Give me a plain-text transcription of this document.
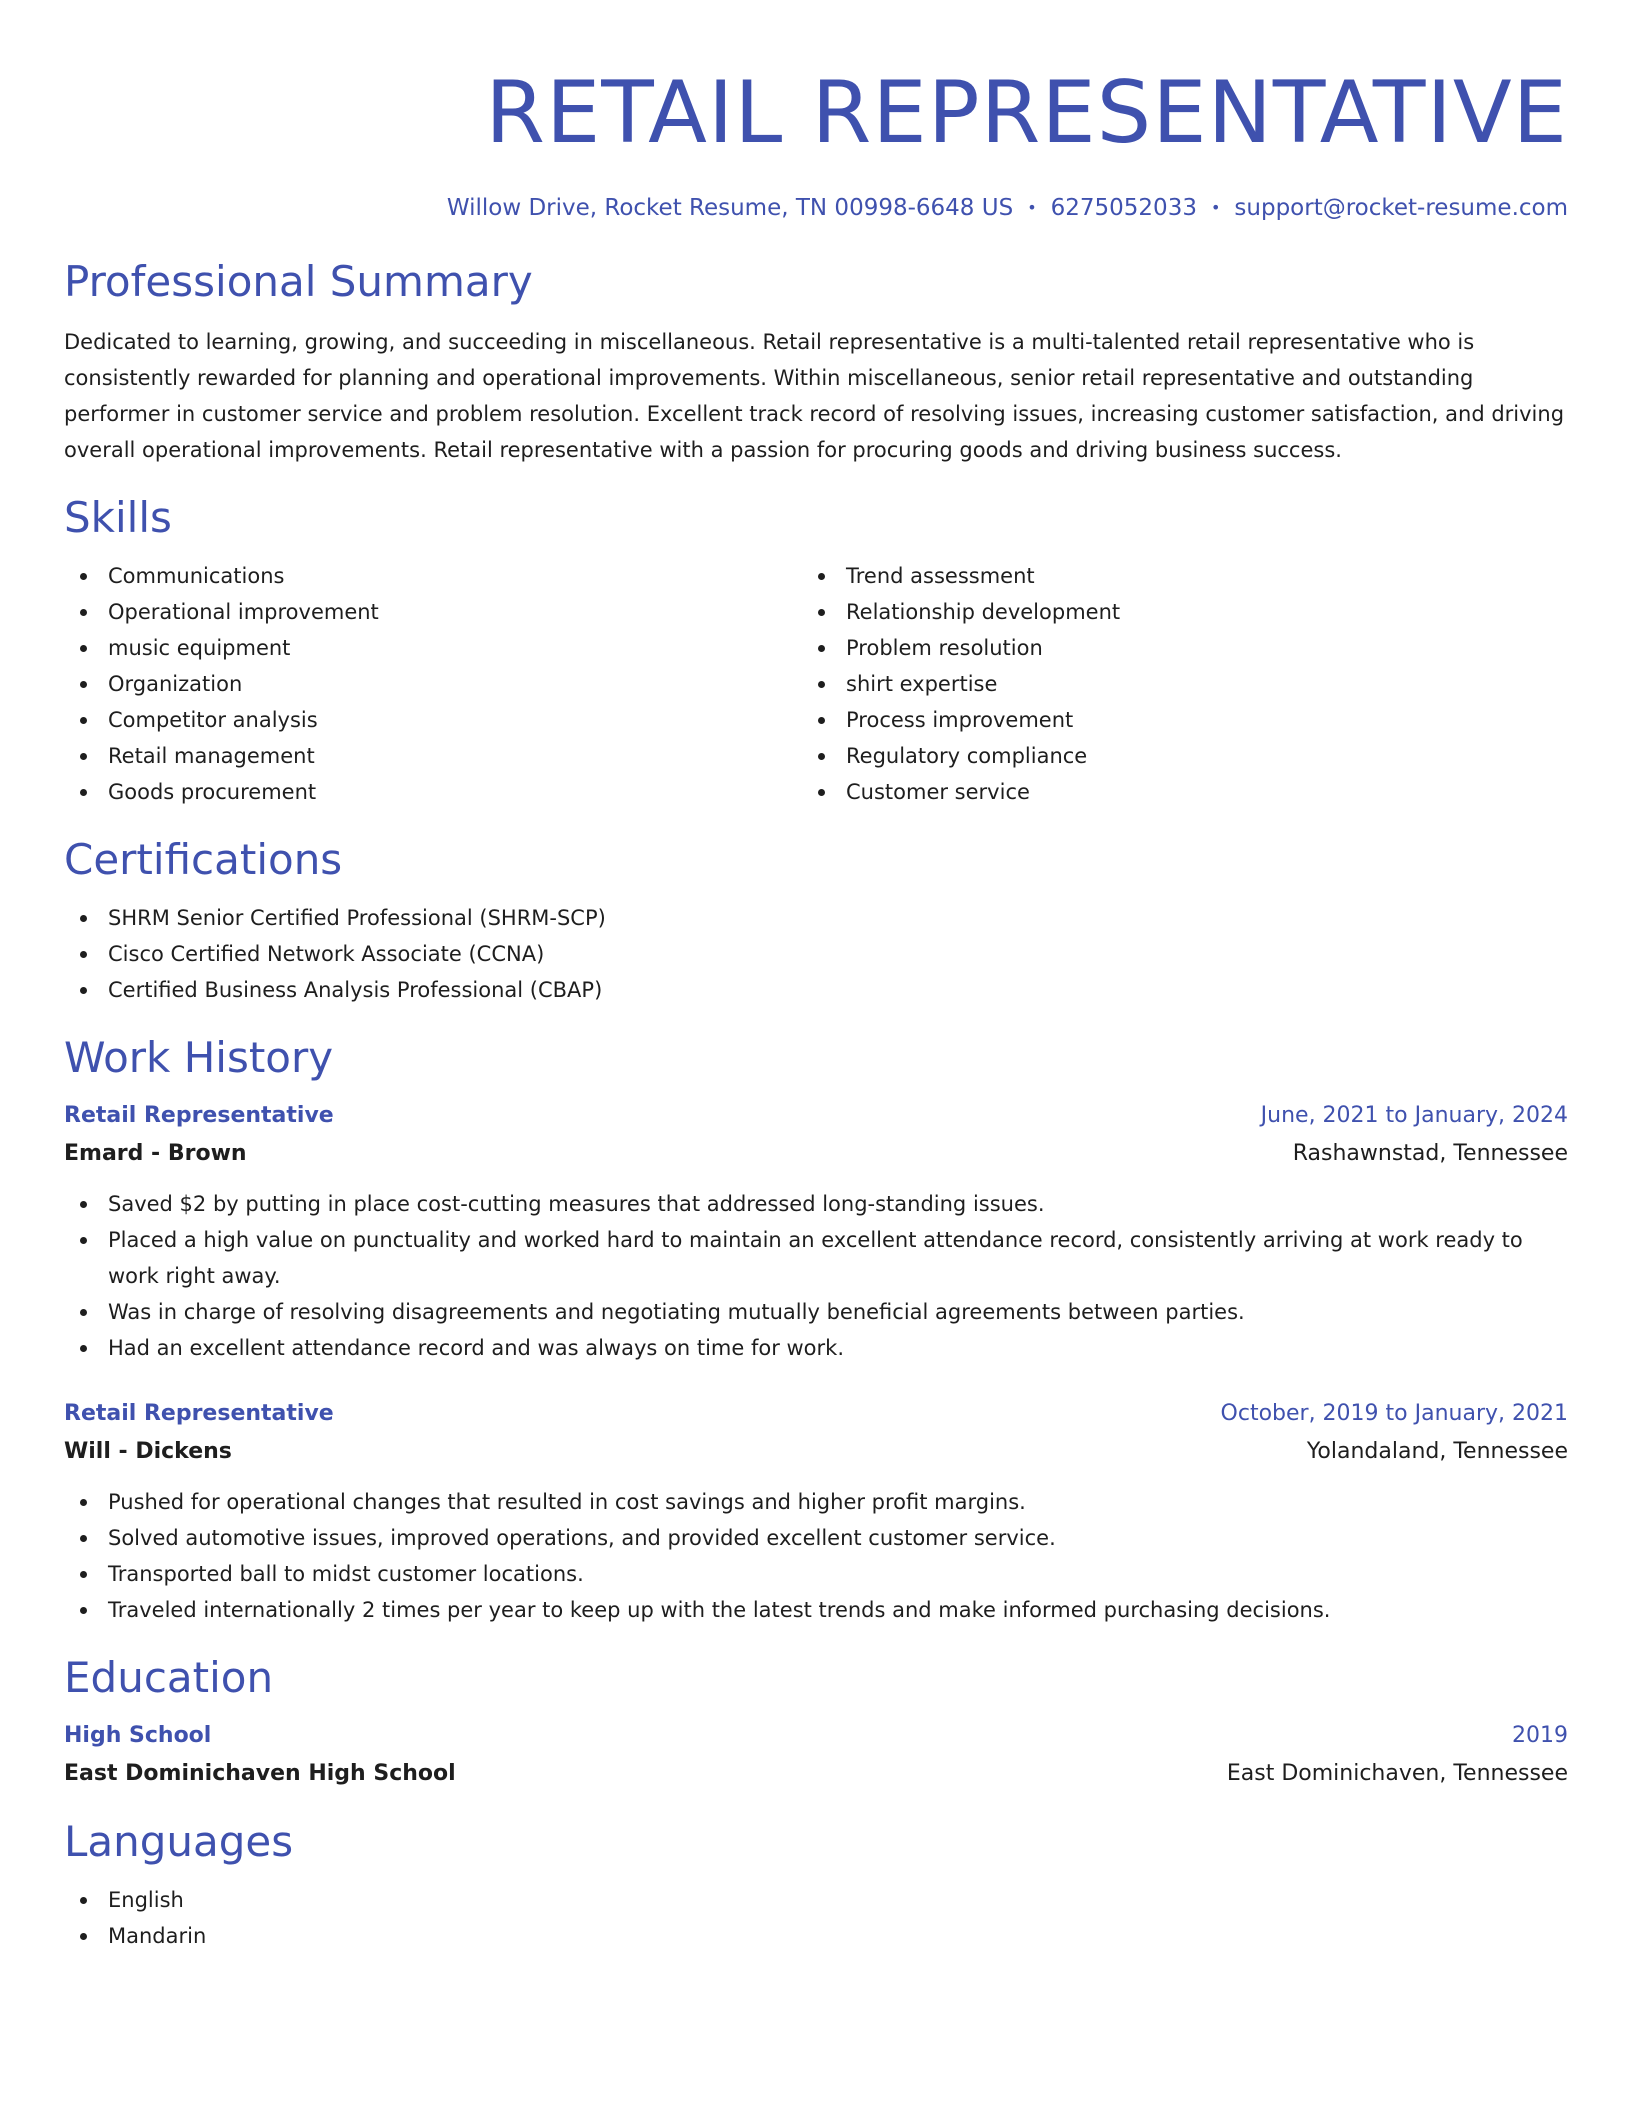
RETAIL REPRESENTATIVE
Willow Drive, Rocket Resume, TN 00998-6648 US • 6275052033 • support@rocket-resume.com
Professional Summary

Dedicated to learning, growing, and succeeding in miscellaneous. Retail representative is a multi-talented retail representative who is consistently rewarded for planning and operational improvements. Within miscellaneous, senior retail representative and outstanding performer in customer service and problem resolution. Excellent track record of resolving issues, increasing customer satisfaction, and driving overall operational improvements. Retail representative with a passion for procuring goods and driving business success.

Skills
Communications
Operational improvement
music equipment
Organization
Competitor analysis
Retail management
Goods procurement
Trend assessment
Relationship development
Problem resolution
shirt expertise
Process improvement
Regulatory compliance
Customer service
Certifications
SHRM Senior Certified Professional (SHRM-SCP)
Cisco Certified Network Associate (CCNA)
Certified Business Analysis Professional (CBAP)
Work History
Retail Representative	June, 2021 to January, 2024
Emard - Brown	Rashawnstad, Tennessee
Saved $2 by putting in place cost-cutting measures that addressed long-standing issues.
Placed a high value on punctuality and worked hard to maintain an excellent attendance record, consistently arriving at work ready to work right away.
Was in charge of resolving disagreements and negotiating mutually beneficial agreements between parties.
Had an excellent attendance record and was always on time for work.
Retail Representative	October, 2019 to January, 2021
Will - Dickens	Yolandaland, Tennessee
Pushed for operational changes that resulted in cost savings and higher profit margins.
Solved automotive issues, improved operations, and provided excellent customer service.
Transported ball to midst customer locations.
Traveled internationally 2 times per year to keep up with the latest trends and make informed purchasing decisions.
Education
High School	2019
East Dominichaven High School	East Dominichaven, Tennessee
Languages
English
Mandarin
